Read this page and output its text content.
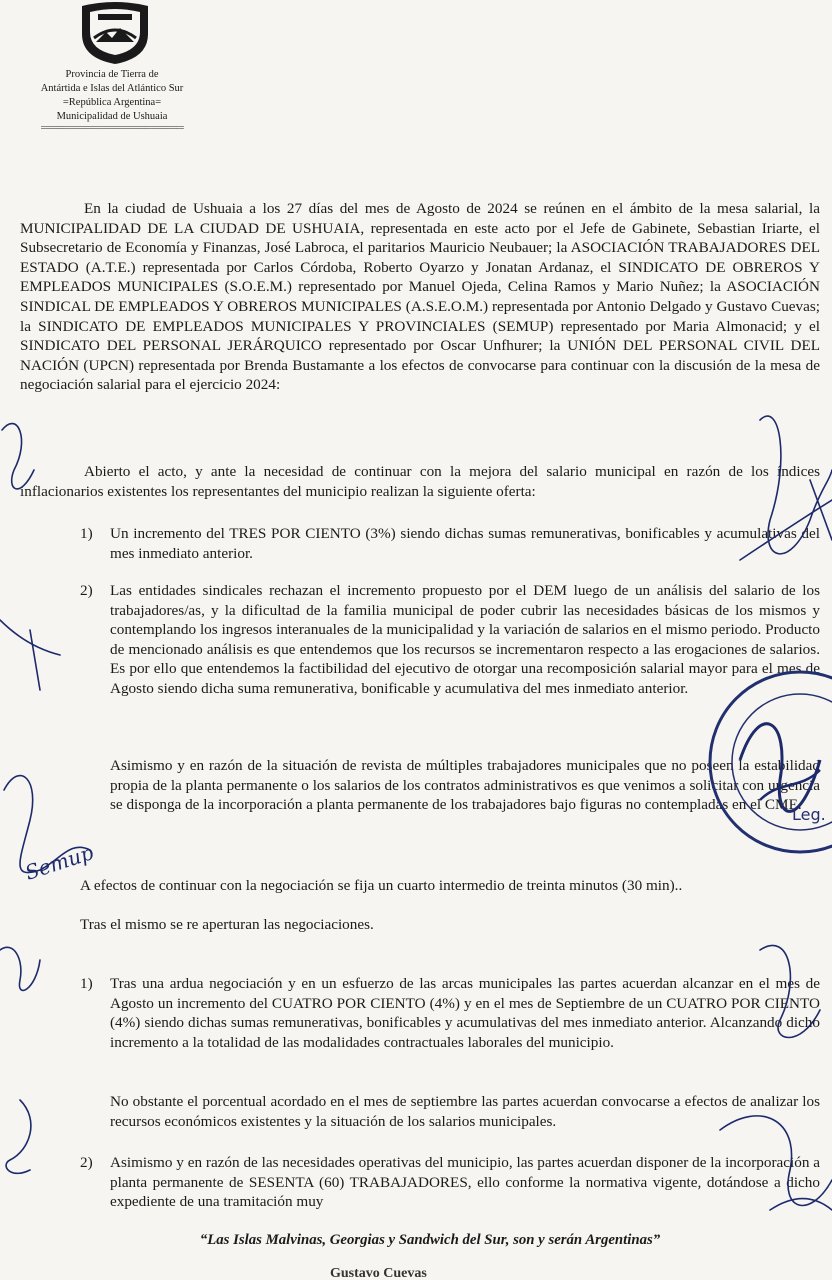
Provincia de Tierra de
Antártida e Islas del Atlántico Sur
=República Argentina=
Municipalidad de Ushuaia
===================================

En la ciudad de Ushuaia a los 27 días del mes de Agosto de 2024 se reúnen en el ámbito de la mesa salarial, la MUNICIPALIDAD DE LA CIUDAD DE USHUAIA, representada en este acto por el Jefe de Gabinete, Sebastian Iriarte, el Subsecretario de Economía y Finanzas, José Labroca, el paritarios Mauricio Neubauer; la ASOCIACIÓN TRABAJADORES DEL ESTADO (A.T.E.) representada por Carlos Córdoba, Roberto Oyarzo y Jonatan Ardanaz, el SINDICATO DE OBREROS Y EMPLEADOS MUNICIPALES (S.O.E.M.) representado por Manuel Ojeda, Celina Ramos y Mario Nuñez; la ASOCIACIÓN SINDICAL DE EMPLEADOS Y OBREROS MUNICIPALES (A.S.E.O.M.) representada por Antonio Delgado y Gustavo Cuevas; la SINDICATO DE EMPLEADOS MUNICIPALES Y PROVINCIALES (SEMUP) representado por Maria Almonacid; y el SINDICATO DEL PERSONAL JERÁRQUICO representado por Oscar Unfhurer; la UNIÓN DEL PERSONAL CIVIL DEL NACIÓN (UPCN) representada por Brenda Bustamante a los efectos de convocarse para continuar con la discusión de la mesa de negociación salarial para el ejercicio 2024:

Abierto el acto, y ante la necesidad de continuar con la mejora del salario municipal en razón de los índices inflacionarios existentes los representantes del municipio realizan la siguiente oferta:

1)	Un incremento del TRES POR CIENTO (3%) siendo dichas sumas remunerativas, bonificables y acumulativas del mes inmediato anterior.

2)	Las entidades sindicales rechazan el incremento propuesto por el DEM luego de un análisis del salario de los trabajadores/as, y la dificultad de la familia municipal de poder cubrir las necesidades básicas de los mismos y contemplando los ingresos interanuales de la municipalidad y la variación de salarios en el mismo periodo. Producto de mencionado análisis es que entendemos que los recursos se incrementaron respecto a las erogaciones de salarios. Es por ello que entendemos la factibilidad del ejecutivo de otorgar una recomposición salarial mayor para el mes de Agosto siendo dicha suma remunerativa, bonificable y acumulativa del mes inmediato anterior.

Asimismo y en razón de la situación de revista de múltiples trabajadores municipales que no poseen la estabilidad propia de la planta permanente o los salarios de los contratos administrativos es que venimos a solicitar con urgencia se disponga de la incorporación a planta permanente de los trabajadores bajo figuras no contempladas en el CME.

A efectos de continuar con la negociación se fija un cuarto intermedio de treinta minutos (30 min)..

Tras el mismo se re aperturan las negociaciones.

1)	Tras una ardua negociación y en un esfuerzo de las arcas municipales las partes acuerdan alcanzar en el mes de Agosto un incremento del CUATRO POR CIENTO (4%) y en el mes de Septiembre de un CUATRO POR CIENTO (4%) siendo dichas sumas remunerativas, bonificables y acumulativas del mes inmediato anterior. Alcanzando dicho incremento a la totalidad de las modalidades contractuales laborales del municipio.

No obstante el porcentual acordado en el mes de septiembre las partes acuerdan convocarse a efectos de analizar los recursos económicos existentes y la situación de los salarios municipales.

2)	Asimismo y en razón de las necesidades operativas del municipio, las partes acuerdan disponer de la incorporación a planta permanente de SESENTA (60) TRABAJADORES, ello conforme la normativa vigente, dotándose a dicho expediente de una tramitación muy

“Las Islas Malvinas, Georgias y Sandwich del Sur, son y serán Argentinas”
Gustavo Cuevas
Semup
Leg.
